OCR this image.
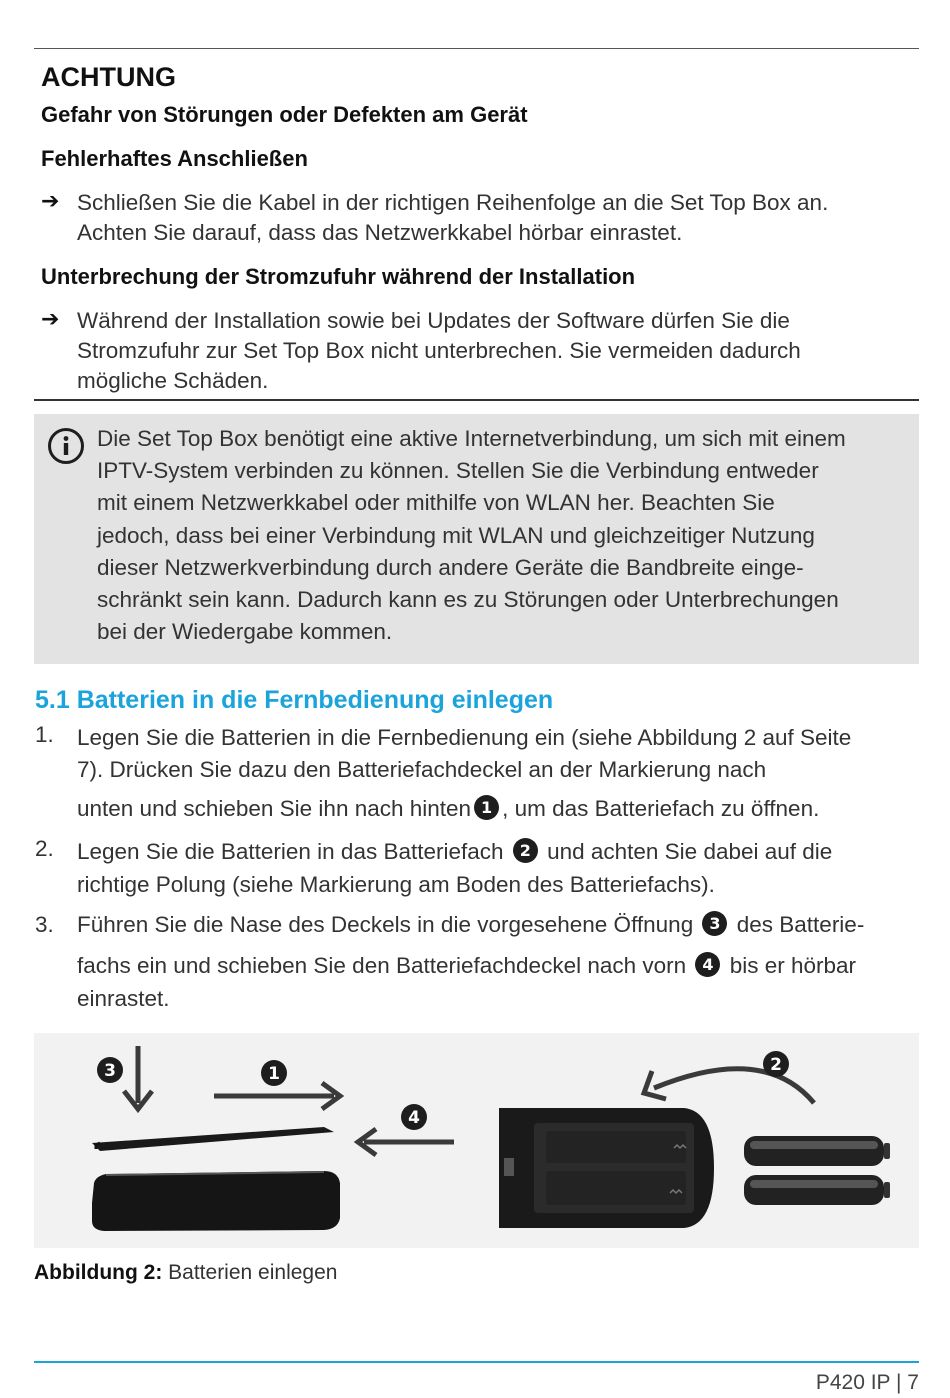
ACHTUNG
Gefahr von Störungen oder Defekten am Gerät
Fehlerhaftes Anschließen
➔ Schließen Sie die Kabel in der richtigen Reihenfolge an die Set Top Box an.
Achten Sie darauf, dass das Netzwerkkabel hörbar einrastet.
Unterbrechung der Stromzufuhr während der Installation
➔ Während der Installation sowie bei Updates der Software dürfen Sie die
Stromzufuhr zur Set Top Box nicht unterbrechen. Sie vermeiden dadurch
mögliche Schäden.
Die Set Top Box benötigt eine aktive Internetverbindung, um sich mit einem
IPTV-System verbinden zu können. Stellen Sie die Verbindung entweder
mit einem Netzwerkkabel oder mithilfe von WLAN her. Beachten Sie
jedoch, dass bei einer Verbindung mit WLAN und gleichzeitiger Nutzung
dieser Netzwerkverbindung durch andere Geräte die Bandbreite einge-
schränkt sein kann. Dadurch kann es zu Störungen oder Unterbrechungen
bei der Wiedergabe kommen.
5.1 Batterien in die Fernbedienung einlegen
1. Legen Sie die Batterien in die Fernbedienung ein (siehe Abbildung 2 auf Seite
7). Drücken Sie dazu den Batteriefachdeckel an der Markierung nach
unten und schieben Sie ihn nach hinten 1 , um das Batteriefach zu öffnen.
2. Legen Sie die Batterien in das Batteriefach 2 und achten Sie dabei auf die
richtige Polung (siehe Markierung am Boden des Batteriefachs).
3. Führen Sie die Nase des Deckels in die vorgesehene Öffnung 3 des Batterie-
fachs ein und schieben Sie den Batteriefachdeckel nach vorn 4 bis er hörbar
einrastet.
3	1
4
2
Abbildung 2: Batterien einlegen
P420 IP | 7
